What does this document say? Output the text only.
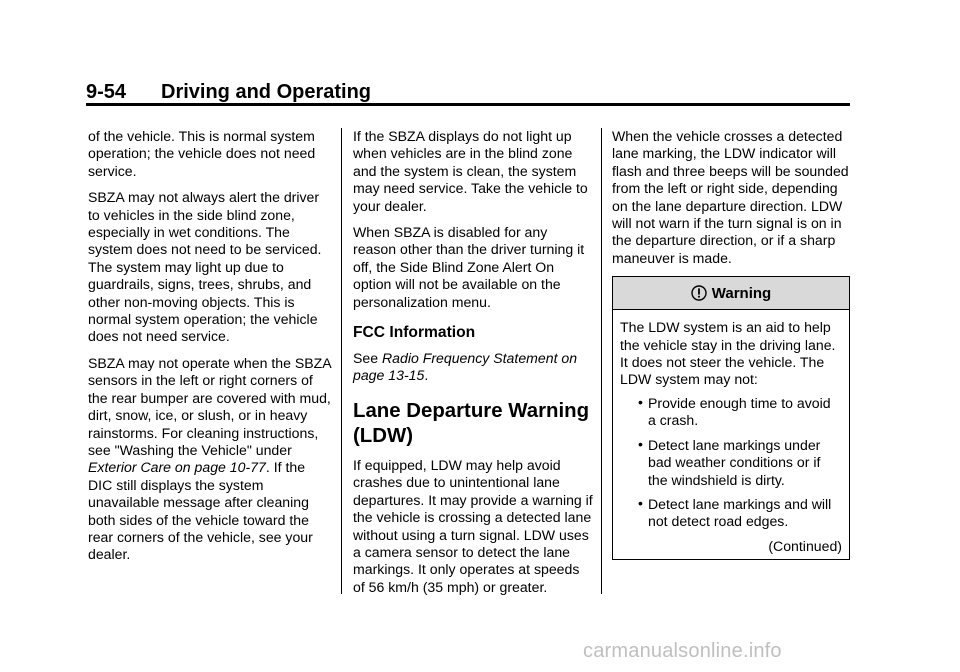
9-54 Driving and Operating

of the vehicle. This is normal system operation; the vehicle does not need service.

SBZA may not always alert the driver to vehicles in the side blind zone, especially in wet conditions. The system does not need to be serviced. The system may light up due to guardrails, signs, trees, shrubs, and other non-moving objects. This is normal system operation; the vehicle does not need service.

SBZA may not operate when the SBZA sensors in the left or right corners of the rear bumper are covered with mud, dirt, snow, ice, or slush, or in heavy rainstorms. For cleaning instructions, see "Washing the Vehicle" under Exterior Care on page 10-77. If the DIC still displays the system unavailable message after cleaning both sides of the vehicle toward the rear corners of the vehicle, see your dealer.

If the SBZA displays do not light up when vehicles are in the blind zone and the system is clean, the system may need service. Take the vehicle to your dealer.

When SBZA is disabled for any reason other than the driver turning it off, the Side Blind Zone Alert On option will not be available on the personalization menu.

FCC Information

See Radio Frequency Statement on page 13-15.

Lane Departure Warning (LDW)

If equipped, LDW may help avoid crashes due to unintentional lane departures. It may provide a warning if the vehicle is crossing a detected lane without using a turn signal. LDW uses a camera sensor to detect the lane markings. It only operates at speeds of 56 km/h (35 mph) or greater.

When the vehicle crosses a detected lane marking, the LDW indicator will flash and three beeps will be sounded from the left or right side, depending on the lane departure direction. LDW will not warn if the turn signal is on in the departure direction, or if a sharp maneuver is made.

Warning
The LDW system is an aid to help the vehicle stay in the driving lane. It does not steer the vehicle. The LDW system may not:
• Provide enough time to avoid a crash.
• Detect lane markings under bad weather conditions or if the windshield is dirty.
• Detect lane markings and will not detect road edges.
(Continued)
carmanualsonline.info
